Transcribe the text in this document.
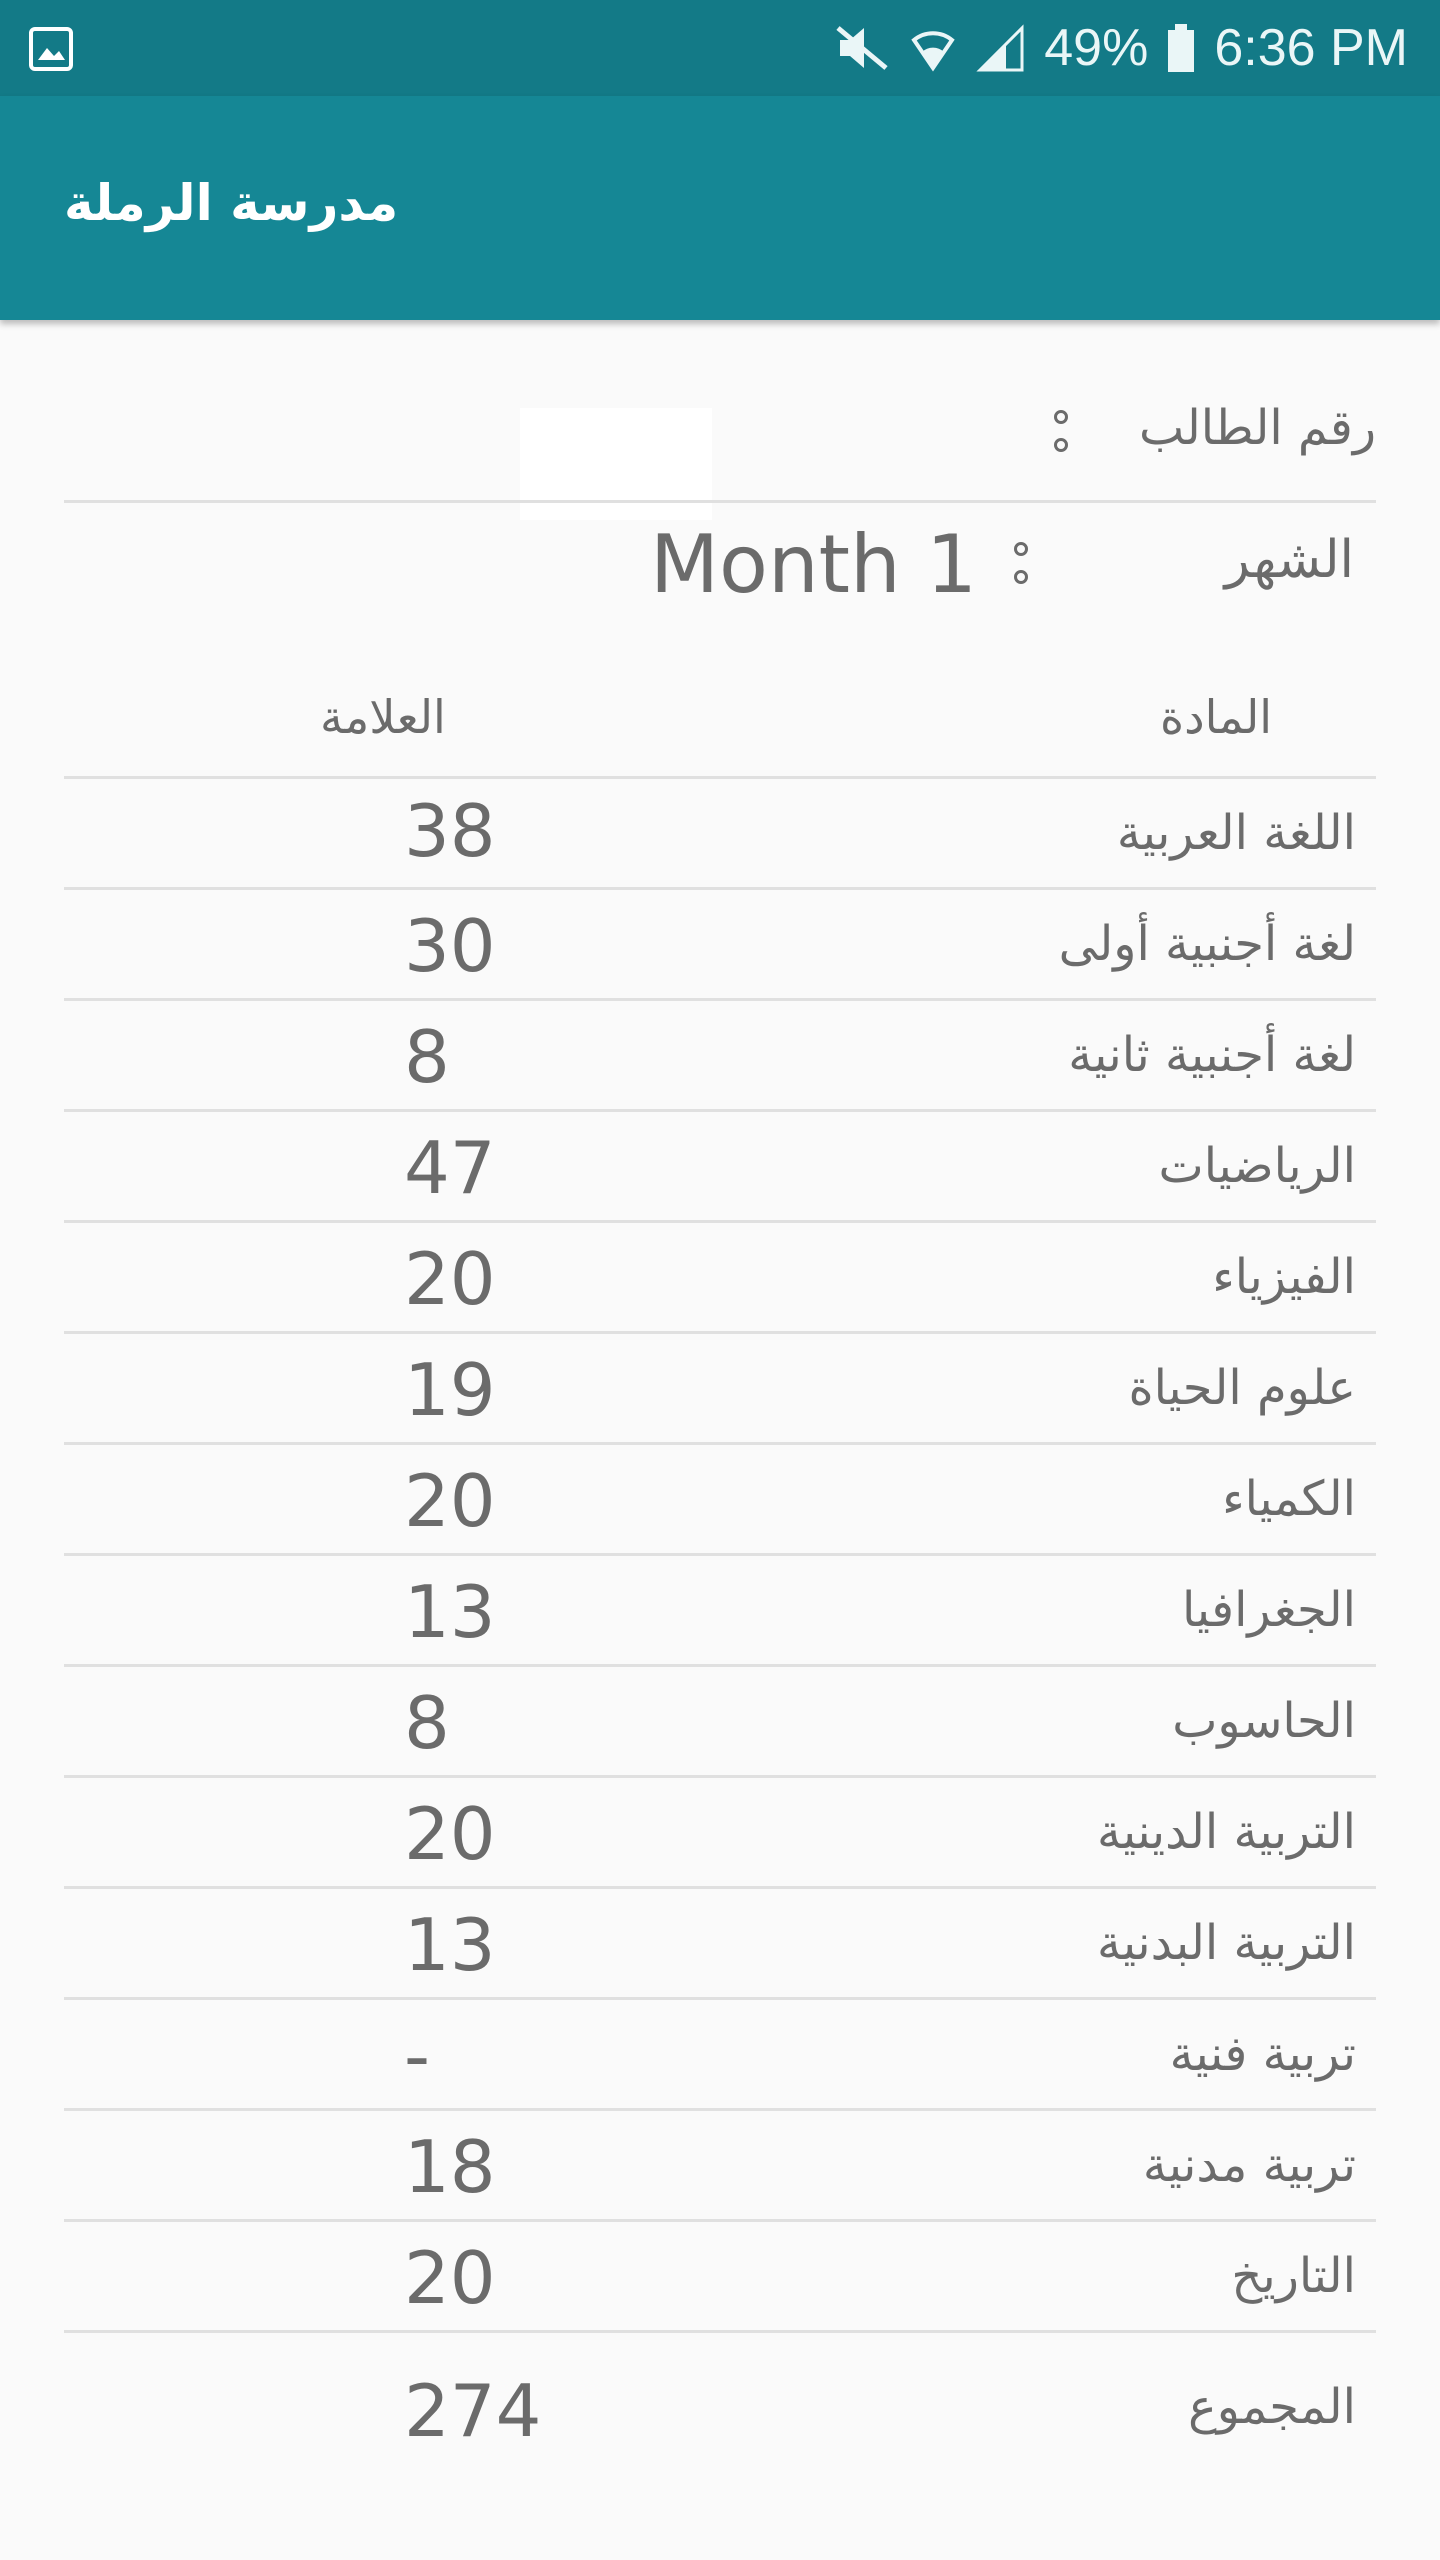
49% 6:36 PM
مدرسة الرملة
رقم الطالب
الشهر
Month 1
المادة
العلامة
اللغة العربية
38
لغة أجنبية أولى
30
لغة أجنبية ثانية
8
الرياضيات
47
الفيزياء
20
علوم الحياة
19
الكمياء
20
الجغرافيا
13
الحاسوب
8
التربية الدينية
20
التربية البدنية
13
تربية فنية
-
تربية مدنية
18
التاريخ
20
المجموع
274
